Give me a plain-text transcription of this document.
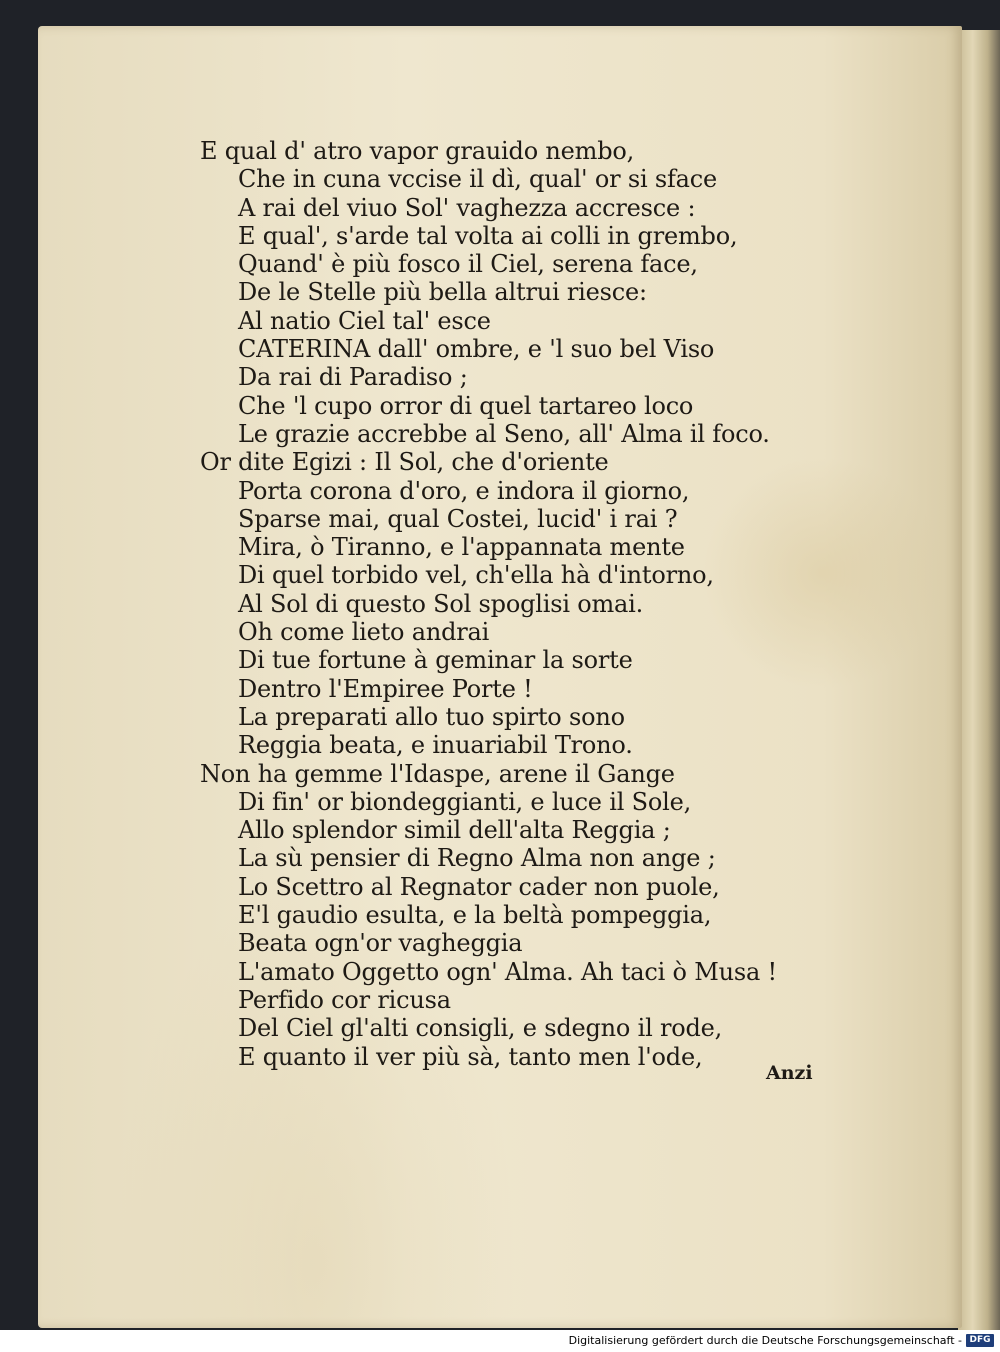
E qual d' atro vapor grauido nembo,
Che in cuna vccise il dì, qual' or si sface
A rai del viuo Sol' vaghezza accresce :
E qual', s'arde tal volta ai colli in grembo,
Quand' è più fosco il Ciel, serena face,
De le Stelle più bella altrui riesce:
Al natio Ciel tal' esce
CATERINA dall' ombre, e 'l suo bel Viso
Da rai di Paradiso ;
Che 'l cupo orror di quel tartareo loco
Le grazie accrebbe al Seno, all' Alma il foco.
Or dite Egizi : Il Sol, che d'oriente
Porta corona d'oro, e indora il giorno,
Sparse mai, qual Costei, lucid' i rai ?
Mira, ò Tiranno, e l'appannata mente
Di quel torbido vel, ch'ella hà d'intorno,
Al Sol di questo Sol spoglisi omai.
Oh come lieto andrai
Di tue fortune à geminar la sorte
Dentro l'Empiree Porte !
La preparati allo tuo spirto sono
Reggia beata, e inuariabil Trono.
Non ha gemme l'Idaspe, arene il Gange
Di fin' or biondeggianti, e luce il Sole,
Allo splendor simil dell'alta Reggia ;
La sù pensier di Regno Alma non ange ;
Lo Scettro al Regnator cader non puole,
E'l gaudio esulta, e la beltà pompeggia,
Beata ogn'or vagheggia
L'amato Oggetto ogn' Alma. Ah taci ò Musa !
Perfido cor ricusa
Del Ciel gl'alti consigli, e sdegno il rode,
E quanto il ver più sà, tanto men l'ode,
Anzi
Digitalisierung gefördert durch die Deutsche Forschungsgemeinschaft - DFG
